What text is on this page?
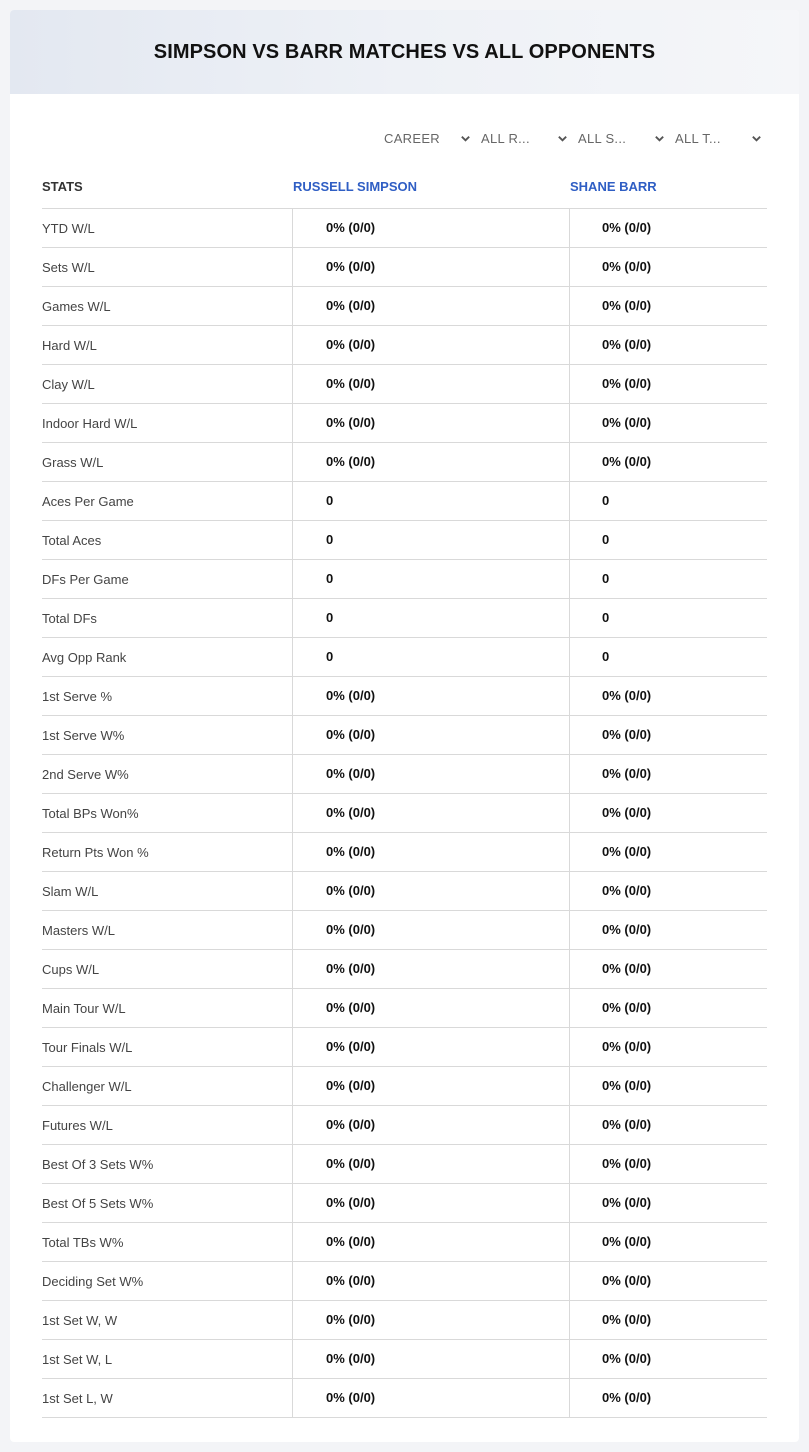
SIMPSON VS BARR MATCHES VS ALL OPPONENTS
CAREER	ALL R...	ALL S...	ALL T...
STATS	RUSSELL SIMPSON	SHANE BARR
YTD W/L	0% (0/0)	0% (0/0)
Sets W/L	0% (0/0)	0% (0/0)
Games W/L	0% (0/0)	0% (0/0)
Hard W/L	0% (0/0)	0% (0/0)
Clay W/L	0% (0/0)	0% (0/0)
Indoor Hard W/L	0% (0/0)	0% (0/0)
Grass W/L	0% (0/0)	0% (0/0)
Aces Per Game	0	0
Total Aces	0	0
DFs Per Game	0	0
Total DFs	0	0
Avg Opp Rank	0	0
1st Serve %	0% (0/0)	0% (0/0)
1st Serve W%	0% (0/0)	0% (0/0)
2nd Serve W%	0% (0/0)	0% (0/0)
Total BPs Won%	0% (0/0)	0% (0/0)
Return Pts Won %	0% (0/0)	0% (0/0)
Slam W/L	0% (0/0)	0% (0/0)
Masters W/L	0% (0/0)	0% (0/0)
Cups W/L	0% (0/0)	0% (0/0)
Main Tour W/L	0% (0/0)	0% (0/0)
Tour Finals W/L	0% (0/0)	0% (0/0)
Challenger W/L	0% (0/0)	0% (0/0)
Futures W/L	0% (0/0)	0% (0/0)
Best Of 3 Sets W%	0% (0/0)	0% (0/0)
Best Of 5 Sets W%	0% (0/0)	0% (0/0)
Total TBs W%	0% (0/0)	0% (0/0)
Deciding Set W%	0% (0/0)	0% (0/0)
1st Set W, W	0% (0/0)	0% (0/0)
1st Set W, L	0% (0/0)	0% (0/0)
1st Set L, W	0% (0/0)	0% (0/0)
